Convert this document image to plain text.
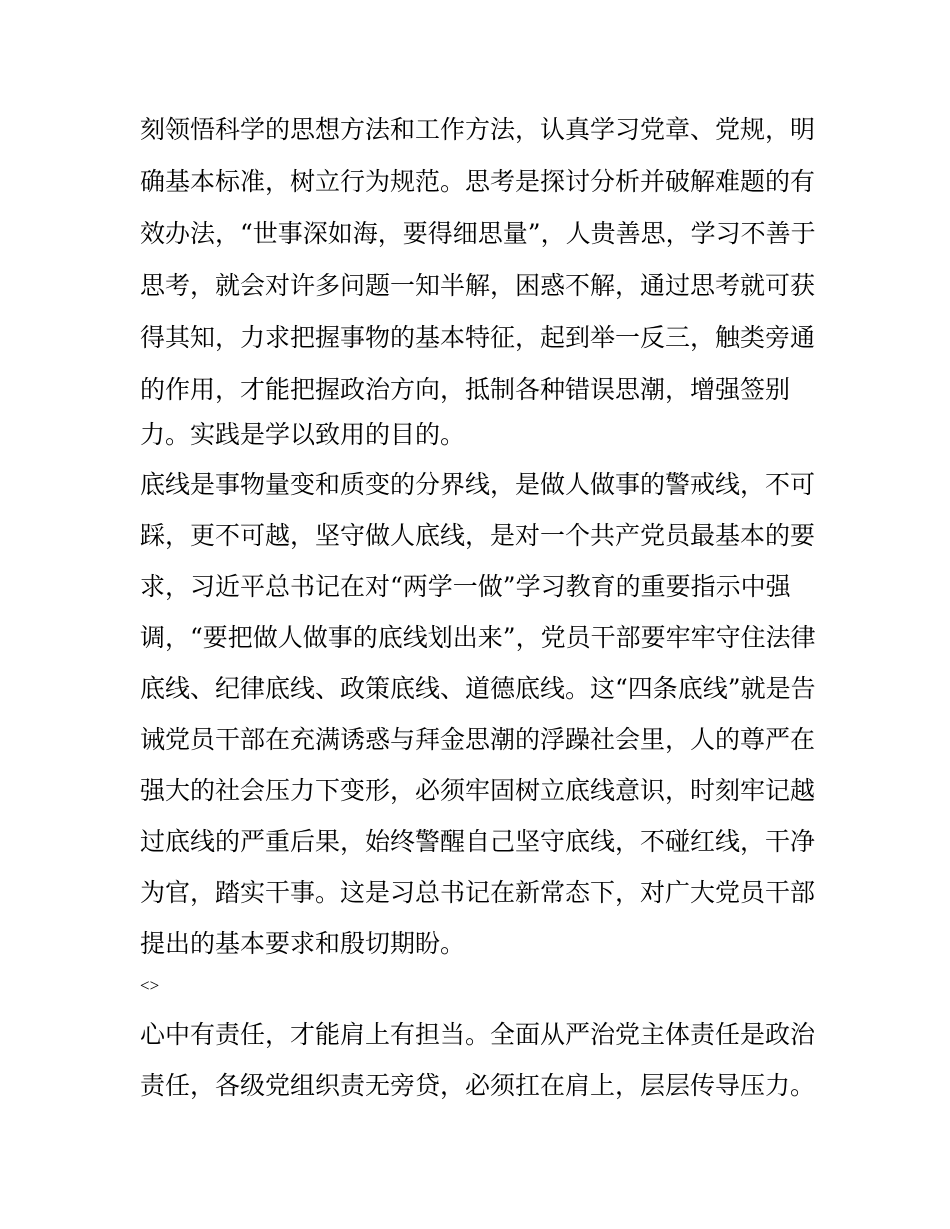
刻领悟科学的思想方法和工作方法，认真学习党章、党规，明
确基本标准，树立行为规范。思考是探讨分析并破解难题的有
效办法，“世事深如海，要得细思量”，人贵善思，学习不善于
思考，就会对许多问题一知半解，困惑不解，通过思考就可获
得其知，力求把握事物的基本特征，起到举一反三，触类旁通
的作用，才能把握政治方向，抵制各种错误思潮，增强签别
力。实践是学以致用的目的。
底线是事物量变和质变的分界线，是做人做事的警戒线，不可
踩，更不可越，坚守做人底线，是对一个共产党员最基本的要
求，习近平总书记在对“两学一做”学习教育的重要指示中强
调，“要把做人做事的底线划出来”，党员干部要牢牢守住法律
底线、纪律底线、政策底线、道德底线。这“四条底线”就是告
诫党员干部在充满诱惑与拜金思潮的浮躁社会里，人的尊严在
强大的社会压力下变形，必须牢固树立底线意识，时刻牢记越
过底线的严重后果，始终警醒自己坚守底线，不碰红线，干净
为官，踏实干事。这是习总书记在新常态下，对广大党员干部
提出的基本要求和殷切期盼。
<>
心中有责任，才能肩上有担当。全面从严治党主体责任是政治
责任，各级党组织责无旁贷，必须扛在肩上，层层传导压力。
